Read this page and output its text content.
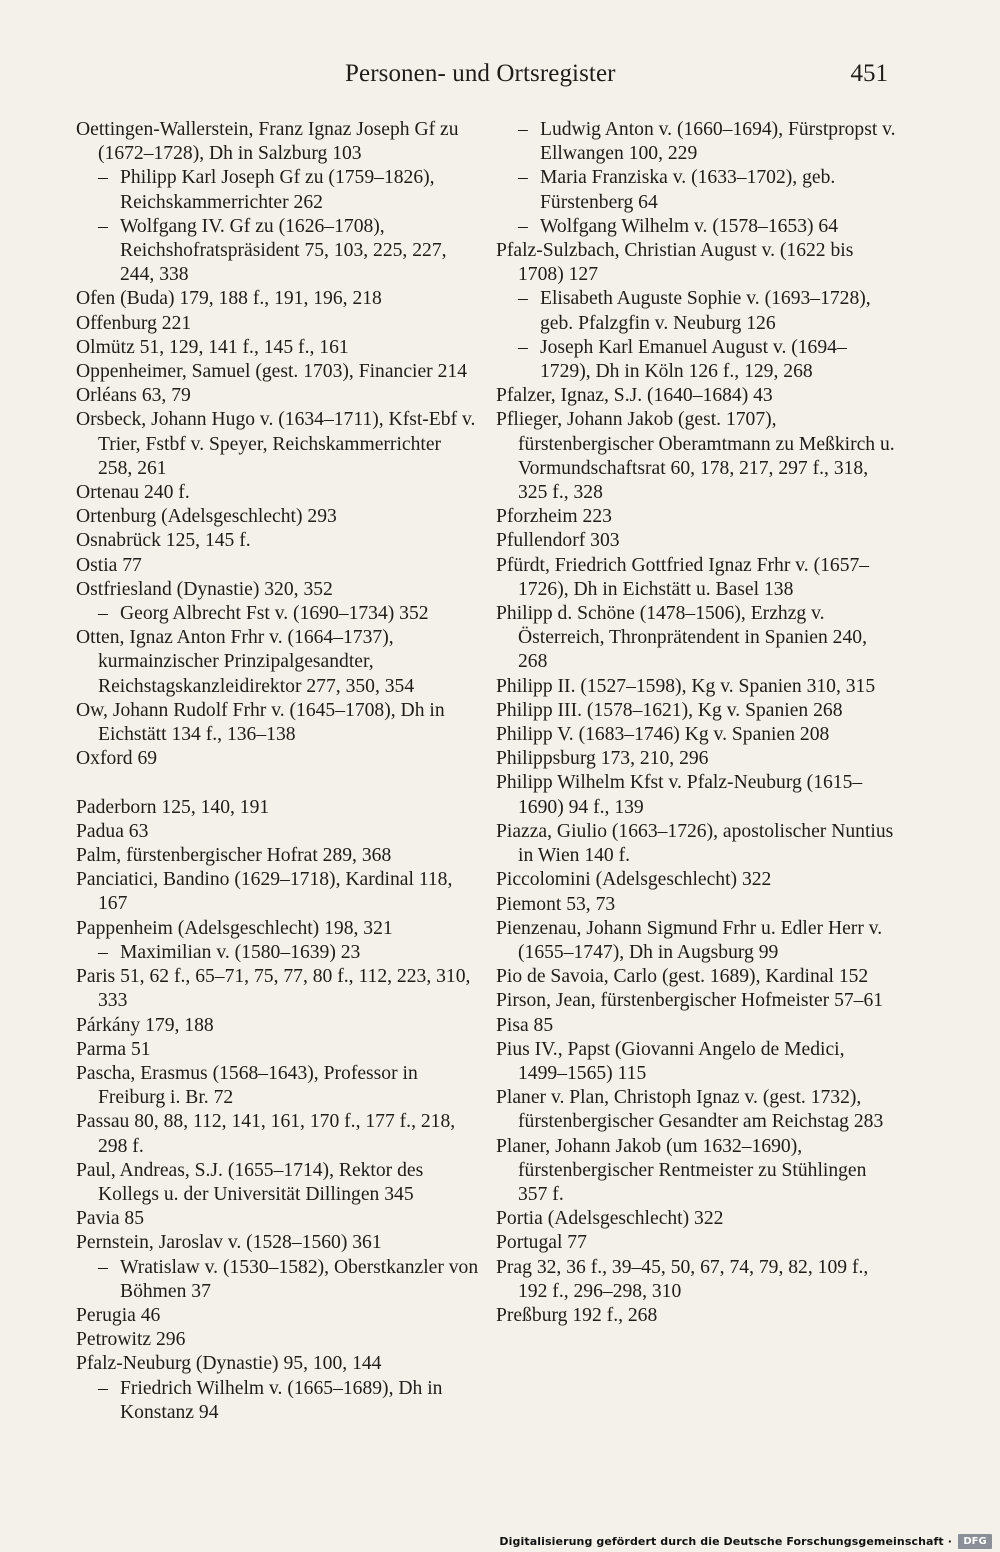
Personen- und Ortsregister	451

Oettingen-Wallerstein, Franz Ignaz Joseph Gf zu (1672–1728), Dh in Salzburg 103

– Philipp Karl Joseph Gf zu (1759–1826), Reichskammerrichter 262

– Wolfgang IV. Gf zu (1626–1708), Reichshofratspräsident 75, 103, 225, 227, 244, 338

Ofen (Buda) 179, 188 f., 191, 196, 218

Offenburg 221

Olmütz 51, 129, 141 f., 145 f., 161

Oppenheimer, Samuel (gest. 1703), Financier 214

Orléans 63, 79

Orsbeck, Johann Hugo v. (1634–1711), Kfst-Ebf v. Trier, Fstbf v. Speyer, Reichskammerrichter 258, 261

Ortenau 240 f.

Ortenburg (Adelsgeschlecht) 293

Osnabrück 125, 145 f.

Ostia 77

Ostfriesland (Dynastie) 320, 352

– Georg Albrecht Fst v. (1690–1734) 352

Otten, Ignaz Anton Frhr v. (1664–1737), kurmainzischer Prinzipalgesandter, Reichstagskanzleidirektor 277, 350, 354

Ow, Johann Rudolf Frhr v. (1645–1708), Dh in Eichstätt 134 f., 136–138

Oxford 69

Paderborn 125, 140, 191

Padua 63

Palm, fürstenbergischer Hofrat 289, 368

Panciatici, Bandino (1629–1718), Kardinal 118, 167

Pappenheim (Adelsgeschlecht) 198, 321

– Maximilian v. (1580–1639) 23

Paris 51, 62 f., 65–71, 75, 77, 80 f., 112, 223, 310, 333

Párkány 179, 188

Parma 51

Pascha, Erasmus (1568–1643), Professor in Freiburg i. Br. 72

Passau 80, 88, 112, 141, 161, 170 f., 177 f., 218, 298 f.

Paul, Andreas, S.J. (1655–1714), Rektor des Kollegs u. der Universität Dillingen 345

Pavia 85

Pernstein, Jaroslav v. (1528–1560) 361

– Wratislaw v. (1530–1582), Oberstkanzler von Böhmen 37

Perugia 46

Petrowitz 296

Pfalz-Neuburg (Dynastie) 95, 100, 144

– Friedrich Wilhelm v. (1665–1689), Dh in Konstanz 94

– Ludwig Anton v. (1660–1694), Fürstpropst v. Ellwangen 100, 229

– Maria Franziska v. (1633–1702), geb. Fürstenberg 64

– Wolfgang Wilhelm v. (1578–1653) 64

Pfalz-Sulzbach, Christian August v. (1622 bis 1708) 127

– Elisabeth Auguste Sophie v. (1693–1728), geb. Pfalzgfin v. Neuburg 126

– Joseph Karl Emanuel August v. (1694–1729), Dh in Köln 126 f., 129, 268

Pfalzer, Ignaz, S.J. (1640–1684) 43

Pflieger, Johann Jakob (gest. 1707), fürstenbergischer Oberamtmann zu Meßkirch u. Vormundschaftsrat 60, 178, 217, 297 f., 318, 325 f., 328

Pforzheim 223

Pfullendorf 303

Pfürdt, Friedrich Gottfried Ignaz Frhr v. (1657–1726), Dh in Eichstätt u. Basel 138

Philipp d. Schöne (1478–1506), Erzhzg v. Österreich, Thronprätendent in Spanien 240, 268

Philipp II. (1527–1598), Kg v. Spanien 310, 315

Philipp III. (1578–1621), Kg v. Spanien 268

Philipp V. (1683–1746) Kg v. Spanien 208

Philippsburg 173, 210, 296

Philipp Wilhelm Kfst v. Pfalz-Neuburg (1615–1690) 94 f., 139

Piazza, Giulio (1663–1726), apostolischer Nuntius in Wien 140 f.

Piccolomini (Adelsgeschlecht) 322

Piemont 53, 73

Pienzenau, Johann Sigmund Frhr u. Edler Herr v. (1655–1747), Dh in Augsburg 99

Pio de Savoia, Carlo (gest. 1689), Kardinal 152

Pirson, Jean, fürstenbergischer Hofmeister 57–61

Pisa 85

Pius IV., Papst (Giovanni Angelo de Medici, 1499–1565) 115

Planer v. Plan, Christoph Ignaz v. (gest. 1732), fürstenbergischer Gesandter am Reichstag 283

Planer, Johann Jakob (um 1632–1690), fürstenbergischer Rentmeister zu Stühlingen 357 f.

Portia (Adelsgeschlecht) 322

Portugal 77

Prag 32, 36 f., 39–45, 50, 67, 74, 79, 82, 109 f., 192 f., 296–298, 310

Preßburg 192 f., 268

Digitalisierung gefördert durch die Deutsche Forschungsgemeinschaft ·	DFG
